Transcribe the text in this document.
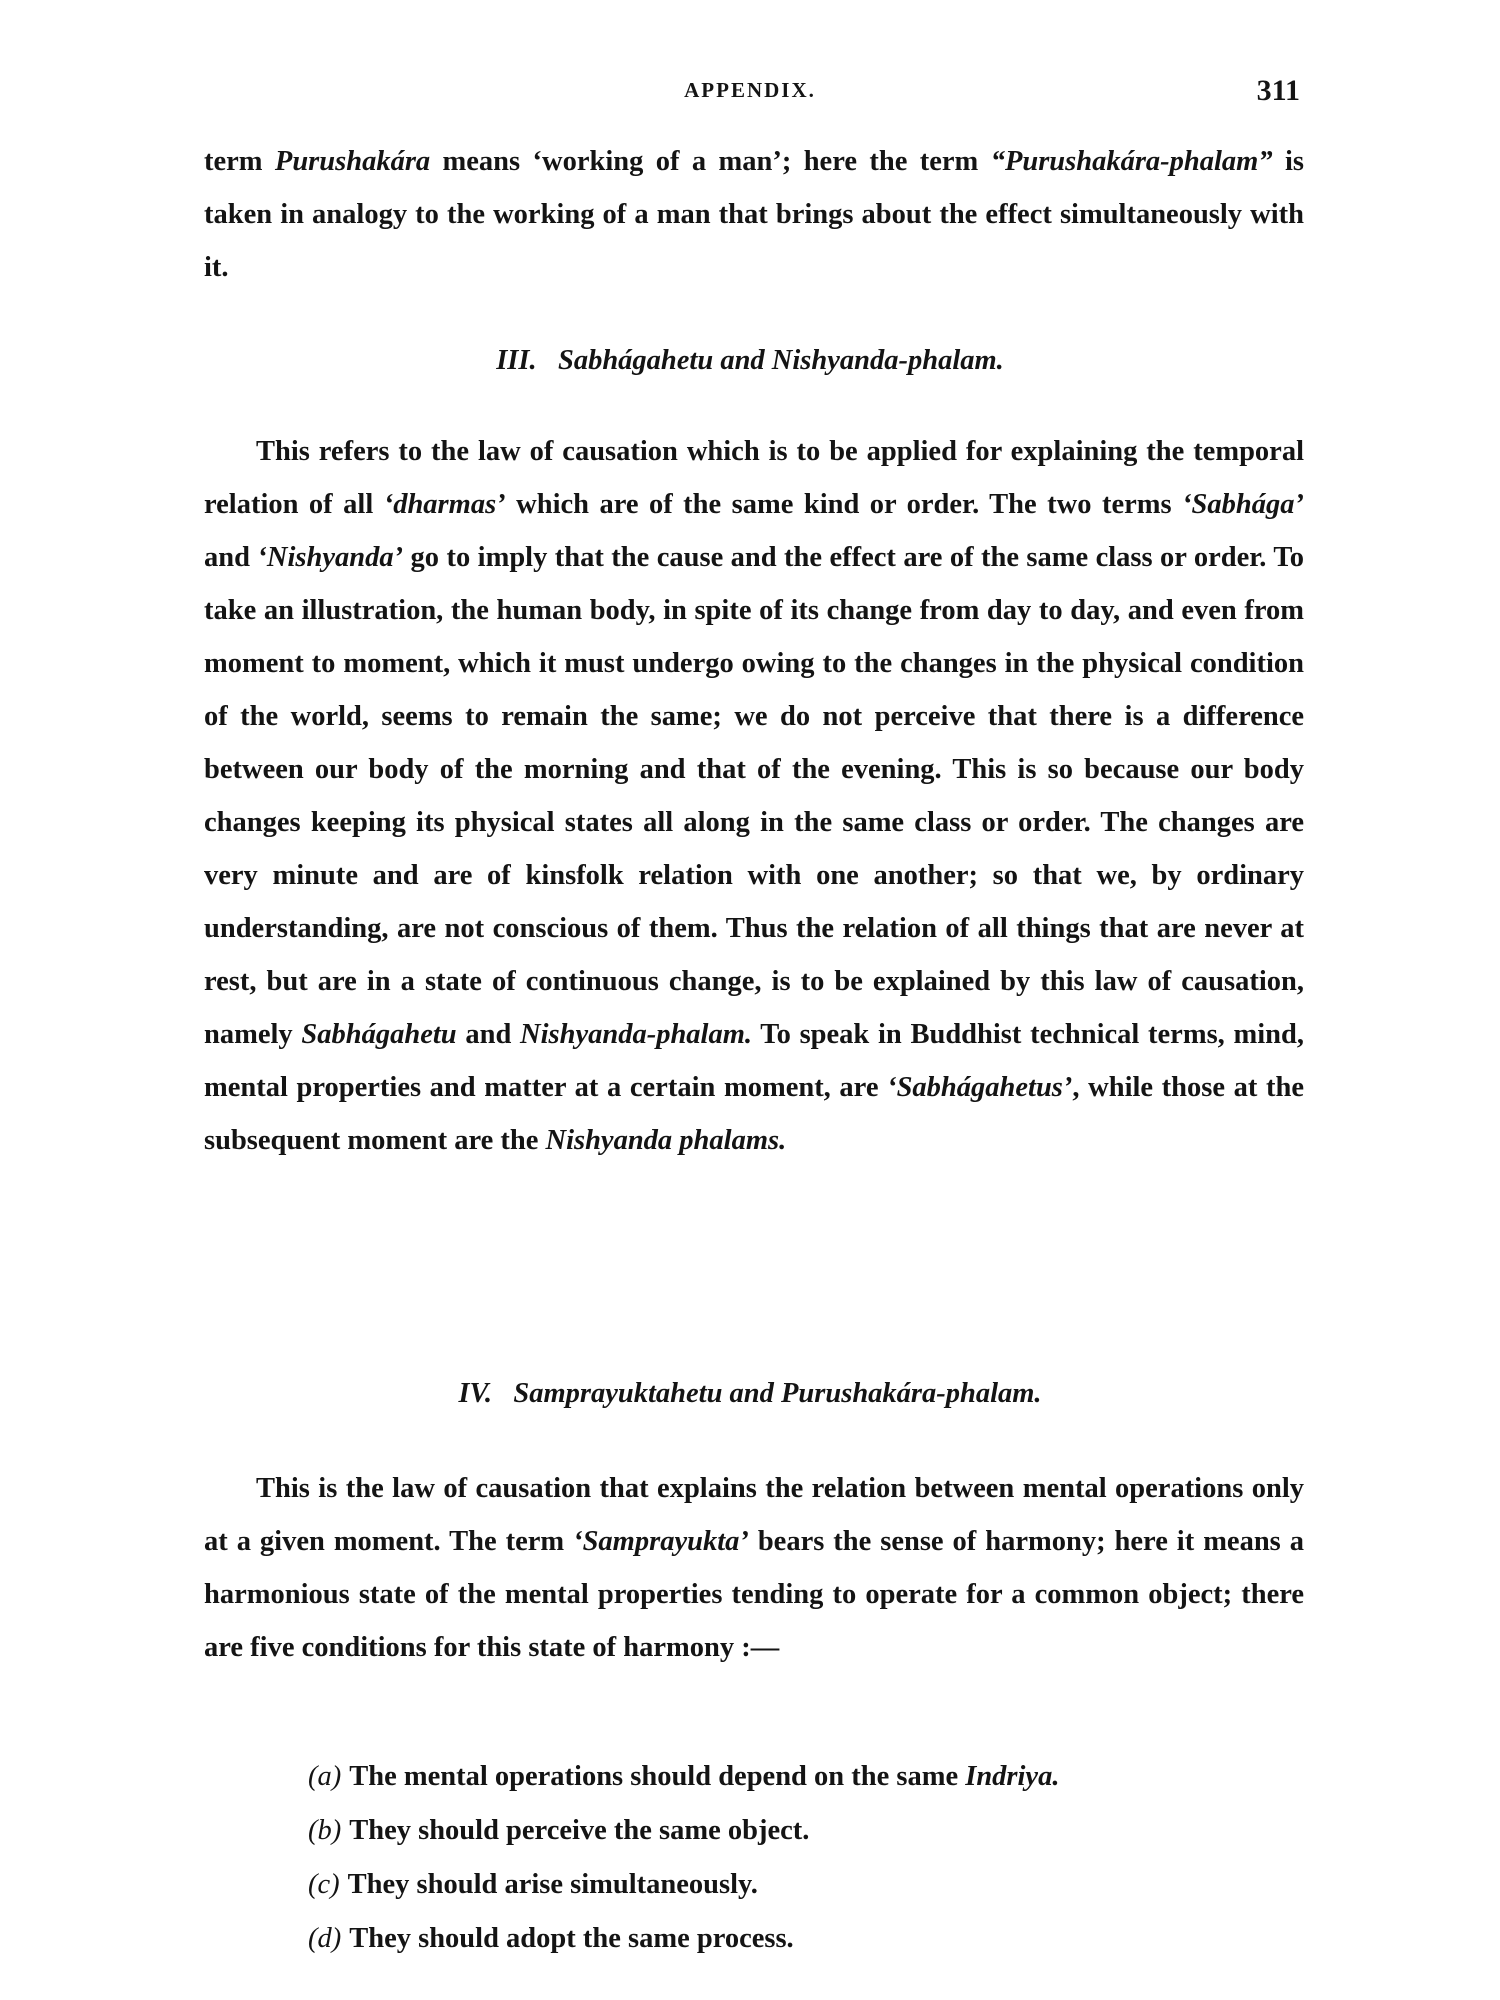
APPENDIX.	311

term Purushakára means ‘working of a man’; here the term “Purushakára-phalam” is taken in analogy to the working of a man that brings about the effect simultaneously with it.

III. Sabhágahetu and Nishyanda-phalam.

This refers to the law of causation which is to be applied for explaining the temporal relation of all ‘dharmas’ which are of the same kind or order. The two terms ‘Sabhága’ and ‘Nishyanda’ go to imply that the cause and the effect are of the same class or order. To take an illustration, the human body, in spite of its change from day to day, and even from moment to moment, which it must undergo owing to the changes in the physical condition of the world, seems to remain the same; we do not perceive that there is a difference between our body of the morning and that of the evening. This is so because our body changes keeping its physical states all along in the same class or order. The changes are very minute and are of kinsfolk relation with one another; so that we, by ordinary understanding, are not conscious of them. Thus the relation of all things that are never at rest, but are in a state of continuous change, is to be explained by this law of causation, namely Sabhágahetu and Nishyanda-phalam. To speak in Buddhist technical terms, mind, mental properties and matter at a certain moment, are ‘Sabhágahetus’, while those at the subsequent moment are the Nishyanda phalams.

IV. Samprayuktahetu and Purushakára-phalam.

This is the law of causation that explains the relation between mental operations only at a given moment. The term ‘Samprayukta’ bears the sense of harmony; here it means a harmonious state of the mental properties tending to operate for a common object; there are five conditions for this state of harmony :—

(a) The mental operations should depend on the same Indriya.
(b) They should perceive the same object.
(c) They should arise simultaneously.
(d) They should adopt the same process.
